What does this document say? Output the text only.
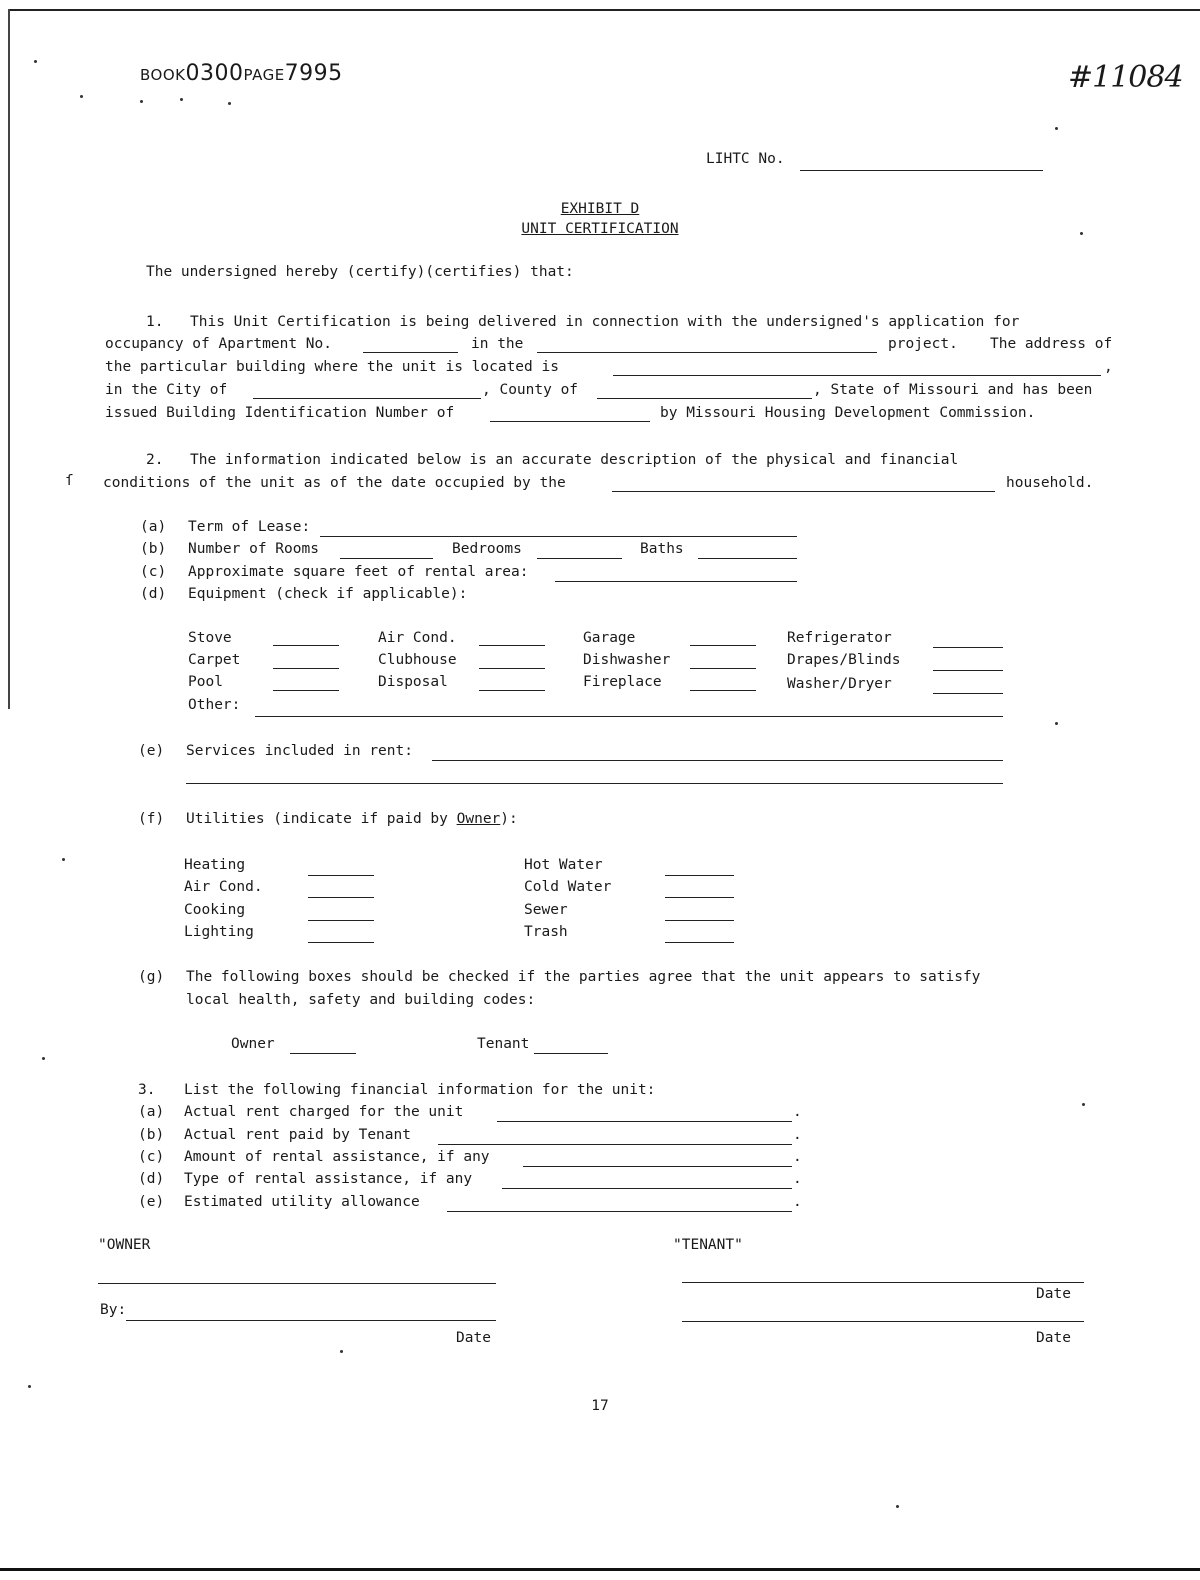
BOOK0300PAGE7995	#11084
LIHTC No.
EXHIBIT D
UNIT CERTIFICATION
The undersigned hereby (certify)(certifies) that:
1. This Unit Certification is being delivered in connection with the undersigned's application for
occupancy of Apartment No.	in the	project. The address of
the particular building where the unit is located is	,
in the City of	, County of	, State of Missouri and has been
issued Building Identification Number of	by Missouri Housing Development Commission.
2. The information indicated below is an accurate description of the physical and financial
ſ conditions of the unit as of the date occupied by the	household.
(a) Term of Lease:
(b) Number of Rooms	Bedrooms	Baths
(c) Approximate square feet of rental area:
(d) Equipment (check if applicable):
Stove	Air Cond.	Garage	Refrigerator
Carpet	Clubhouse	Dishwasher	Drapes/Blinds
Pool	Disposal	Fireplace	Washer/Dryer
Other:
(e) Services included in rent:
(f) Utilities (indicate if paid by Owner):
Heating	Hot Water
Air Cond.	Cold Water
Cooking	Sewer
Lighting	Trash
(g) The following boxes should be checked if the parties agree that the unit appears to satisfy
local health, safety and building codes:
Owner	Tenant
3. List the following financial information for the unit:
(a) Actual rent charged for the unit	.
(b) Actual rent paid by Tenant	.
(c) Amount of rental assistance, if any	.
(d) Type of rental assistance, if any	.
(e) Estimated utility allowance	.
"OWNER	"TENANT"
Date
By:
Date	Date
17
